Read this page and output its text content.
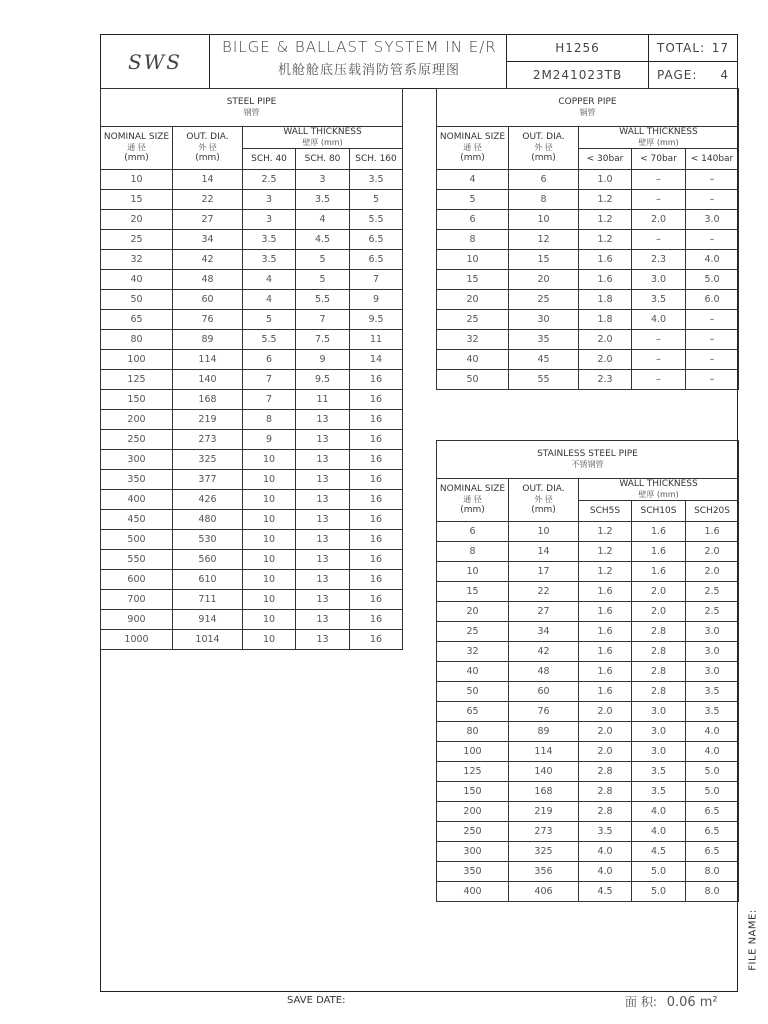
SWS
BILGE & BALLAST SYSTEM IN E/R
机舱舱底压载消防管系原理图
H1256
2M241023TB
TOTAL: 17
PAGE: 4
STEEL PIPE
钢管				

NOMINAL SIZE
通 径
(mm)	OUT. DIA.
外 径
(mm)	WALL THICKNESS
壁厚 (mm)		

		SCH. 40	SCH. 80	SCH. 160
10	14	2.5	3	3.5
15	22	3	3.5	5
20	27	3	4	5.5
25	34	3.5	4.5	6.5
32	42	3.5	5	6.5
40	48	4	5	7
50	60	4	5.5	9
65	76	5	7	9.5
80	89	5.5	7.5	11
100	114	6	9	14
125	140	7	9.5	16
150	168	7	11	16
200	219	8	13	16
250	273	9	13	16
300	325	10	13	16
350	377	10	13	16
400	426	10	13	16
450	480	10	13	16
500	530	10	13	16
550	560	10	13	16
600	610	10	13	16
700	711	10	13	16
900	914	10	13	16
1000	1014	10	13	16
COPPER PIPE
铜管				

NOMINAL SIZE
通 径
(mm)	OUT. DIA.
外 径
(mm)	WALL THICKNESS
壁厚 (mm)		

		< 30bar	< 70bar	< 140bar
4	6	1.0	–	–
5	8	1.2	–	–
6	10	1.2	2.0	3.0
8	12	1.2	–	–
10	15	1.6	2.3	4.0
15	20	1.6	3.0	5.0
20	25	1.8	3.5	6.0
25	30	1.8	4.0	–
32	35	2.0	–	–
40	45	2.0	–	–
50	55	2.3	–	–
STAINLESS STEEL PIPE
不锈钢管				

NOMINAL SIZE
通 径
(mm)	OUT. DIA.
外 径
(mm)	WALL THICKNESS
壁厚 (mm)		

		SCH5S	SCH10S	SCH20S
6	10	1.2	1.6	1.6
8	14	1.2	1.6	2.0
10	17	1.2	1.6	2.0
15	22	1.6	2.0	2.5
20	27	1.6	2.0	2.5
25	34	1.6	2.8	3.0
32	42	1.6	2.8	3.0
40	48	1.6	2.8	3.0
50	60	1.6	2.8	3.5
65	76	2.0	3.0	3.5
80	89	2.0	3.0	4.0
100	114	2.0	3.0	4.0
125	140	2.8	3.5	5.0
150	168	2.8	3.5	5.0
200	219	2.8	4.0	6.5
250	273	3.5	4.0	6.5
300	325	4.0	4.5	6.5
350	356	4.0	5.0	8.0
400	406	4.5	5.0	8.0
FILE NAME:
SAVE DATE:	面 积: 0.06 m²
